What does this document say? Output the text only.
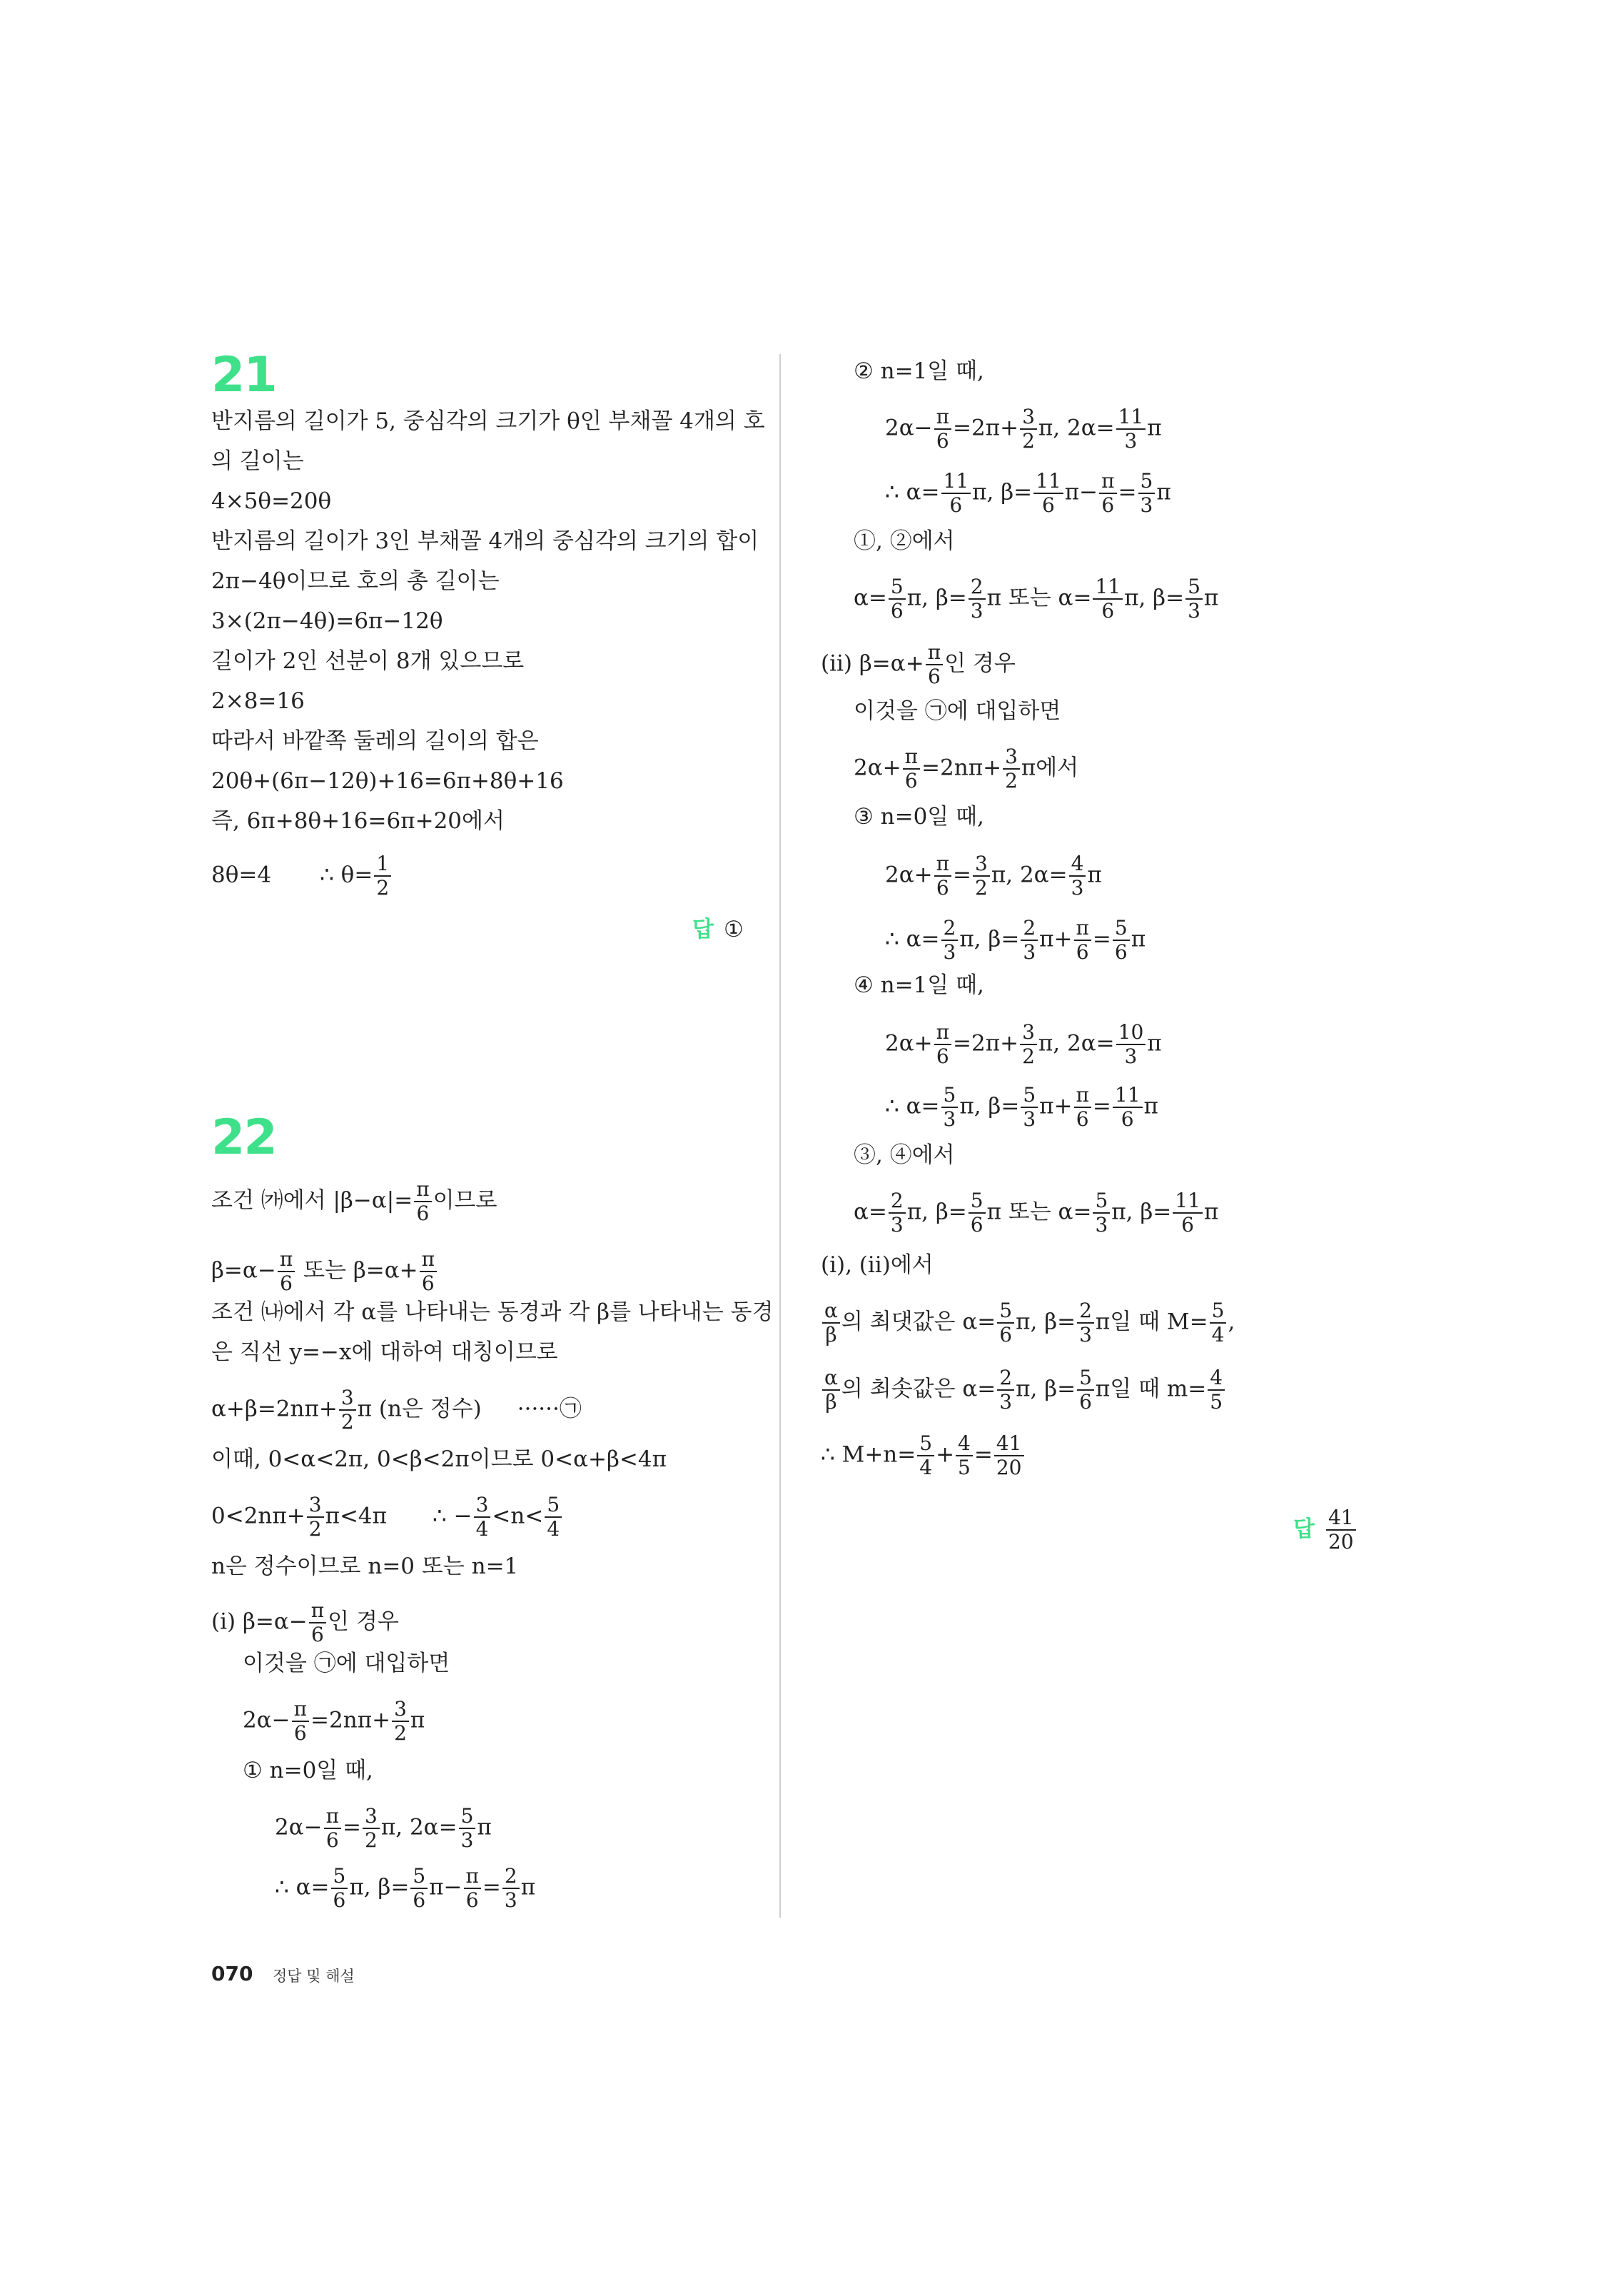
21
반지름의 길이가 5, 중심각의 크기가 θ인 부채꼴 4개의 호
의 길이는
4×5θ=20θ
반지름의 길이가 3인 부채꼴 4개의 중심각의 크기의 합이
2π−4θ이므로 호의 총 길이는
3×(2π−4θ)=6π−12θ
길이가 2인 선분이 8개 있으므로
2×8=16
따라서 바깥쪽 둘레의 길이의 합은
20θ+(6π−12θ)+16=6π+8θ+16
즉, 6π+8θ+16=6π+20에서
8θ=4 ∴ $\theta= \frac{1}{2}$
답 ①
22
조건 ㈎에서 $|\beta-\alpha|= \frac{\pi}{6}$ 이므로
$\beta=\alpha- \frac{\pi}{6}$ 또는 $\beta=\alpha+ \frac{\pi}{6}$
조건 ㈏에서 각 α를 나타내는 동경과 각 β를 나타내는 동경
은 직선 y=−x에 대하여 대칭이므로
$\alpha+\beta=2n\pi+ \frac{3}{2}$ π (n은 정수) ······㉠
이때, 0<α<2π, 0<β<2π이므로 0<α+β<4π
$0<2n\pi+ \frac{3}{2} \pi<4\pi$ ∴ − $\frac{3}{4} <n< \frac{5}{4}$
n은 정수이므로 n=0 또는 n=1
(ⅰ) $\beta=\alpha- \frac{\pi}{6}$ 인 경우
이것을 ㉠에 대입하면
$2\alpha- \frac{\pi}{6} =2n\pi+ \frac{3}{2}$ π
① n=0일 때,
$2\alpha- \frac{\pi}{6} = \frac{3}{2} \pi$, $2\alpha= \frac{5}{3}$ π
∴ $\alpha= \frac{5}{6} \pi$, $\beta= \frac{5}{6} \pi- \frac{\pi}{6} = \frac{2}{3}$ π
② n=1일 때,
$2\alpha- \frac{\pi}{6} =2\pi+ \frac{3}{2} \pi$, $2\alpha= \frac{11}{3}$ π
∴ $\alpha= \frac{11}{6} \pi$, $\beta= \frac{11}{6} \pi- \frac{\pi}{6} = \frac{5}{3}$ π
①, ②에서
$\alpha= \frac{5}{6} \pi$, $\beta= \frac{2}{3}$ π 또는 $\alpha= \frac{11}{6} \pi$, $\beta= \frac{5}{3}$ π
(ⅱ) $\beta=\alpha+ \frac{\pi}{6}$ 인 경우
이것을 ㉠에 대입하면
$2\alpha+ \frac{\pi}{6} =2n\pi+ \frac{3}{2}$ π에서
③ n=0일 때,
$2\alpha+ \frac{\pi}{6} = \frac{3}{2} \pi$, $2\alpha= \frac{4}{3}$ π
∴ $\alpha= \frac{2}{3} \pi$, $\beta= \frac{2}{3} \pi+ \frac{\pi}{6} = \frac{5}{6}$ π
④ n=1일 때,
$2\alpha+ \frac{\pi}{6} =2\pi+ \frac{3}{2} \pi$, $2\alpha= \frac{10}{3}$ π
∴ $\alpha= \frac{5}{3} \pi$, $\beta= \frac{5}{3} \pi+ \frac{\pi}{6} = \frac{11}{6}$ π
③, ④에서
$\alpha= \frac{2}{3} \pi$, $\beta= \frac{5}{6}$ π 또는 $\alpha= \frac{5}{3} \pi$, $\beta= \frac{11}{6}$ π
(ⅰ), (ⅱ)에서
$\frac{\alpha}{\beta}$ 의 최댓값은 $\alpha= \frac{5}{6} \pi$, $\beta= \frac{2}{3}$ π일 때 $M= \frac{5}{4}$ ,
$\frac{\alpha}{\beta}$ 의 최솟값은 $\alpha= \frac{2}{3} \pi$, $\beta= \frac{5}{6}$ π일 때 $m= \frac{4}{5}$
∴ $M+n= \frac{5}{4} + \frac{4}{5} = \frac{41}{20}$
답 $\frac{41}{20}$
070 정답 및 해설
